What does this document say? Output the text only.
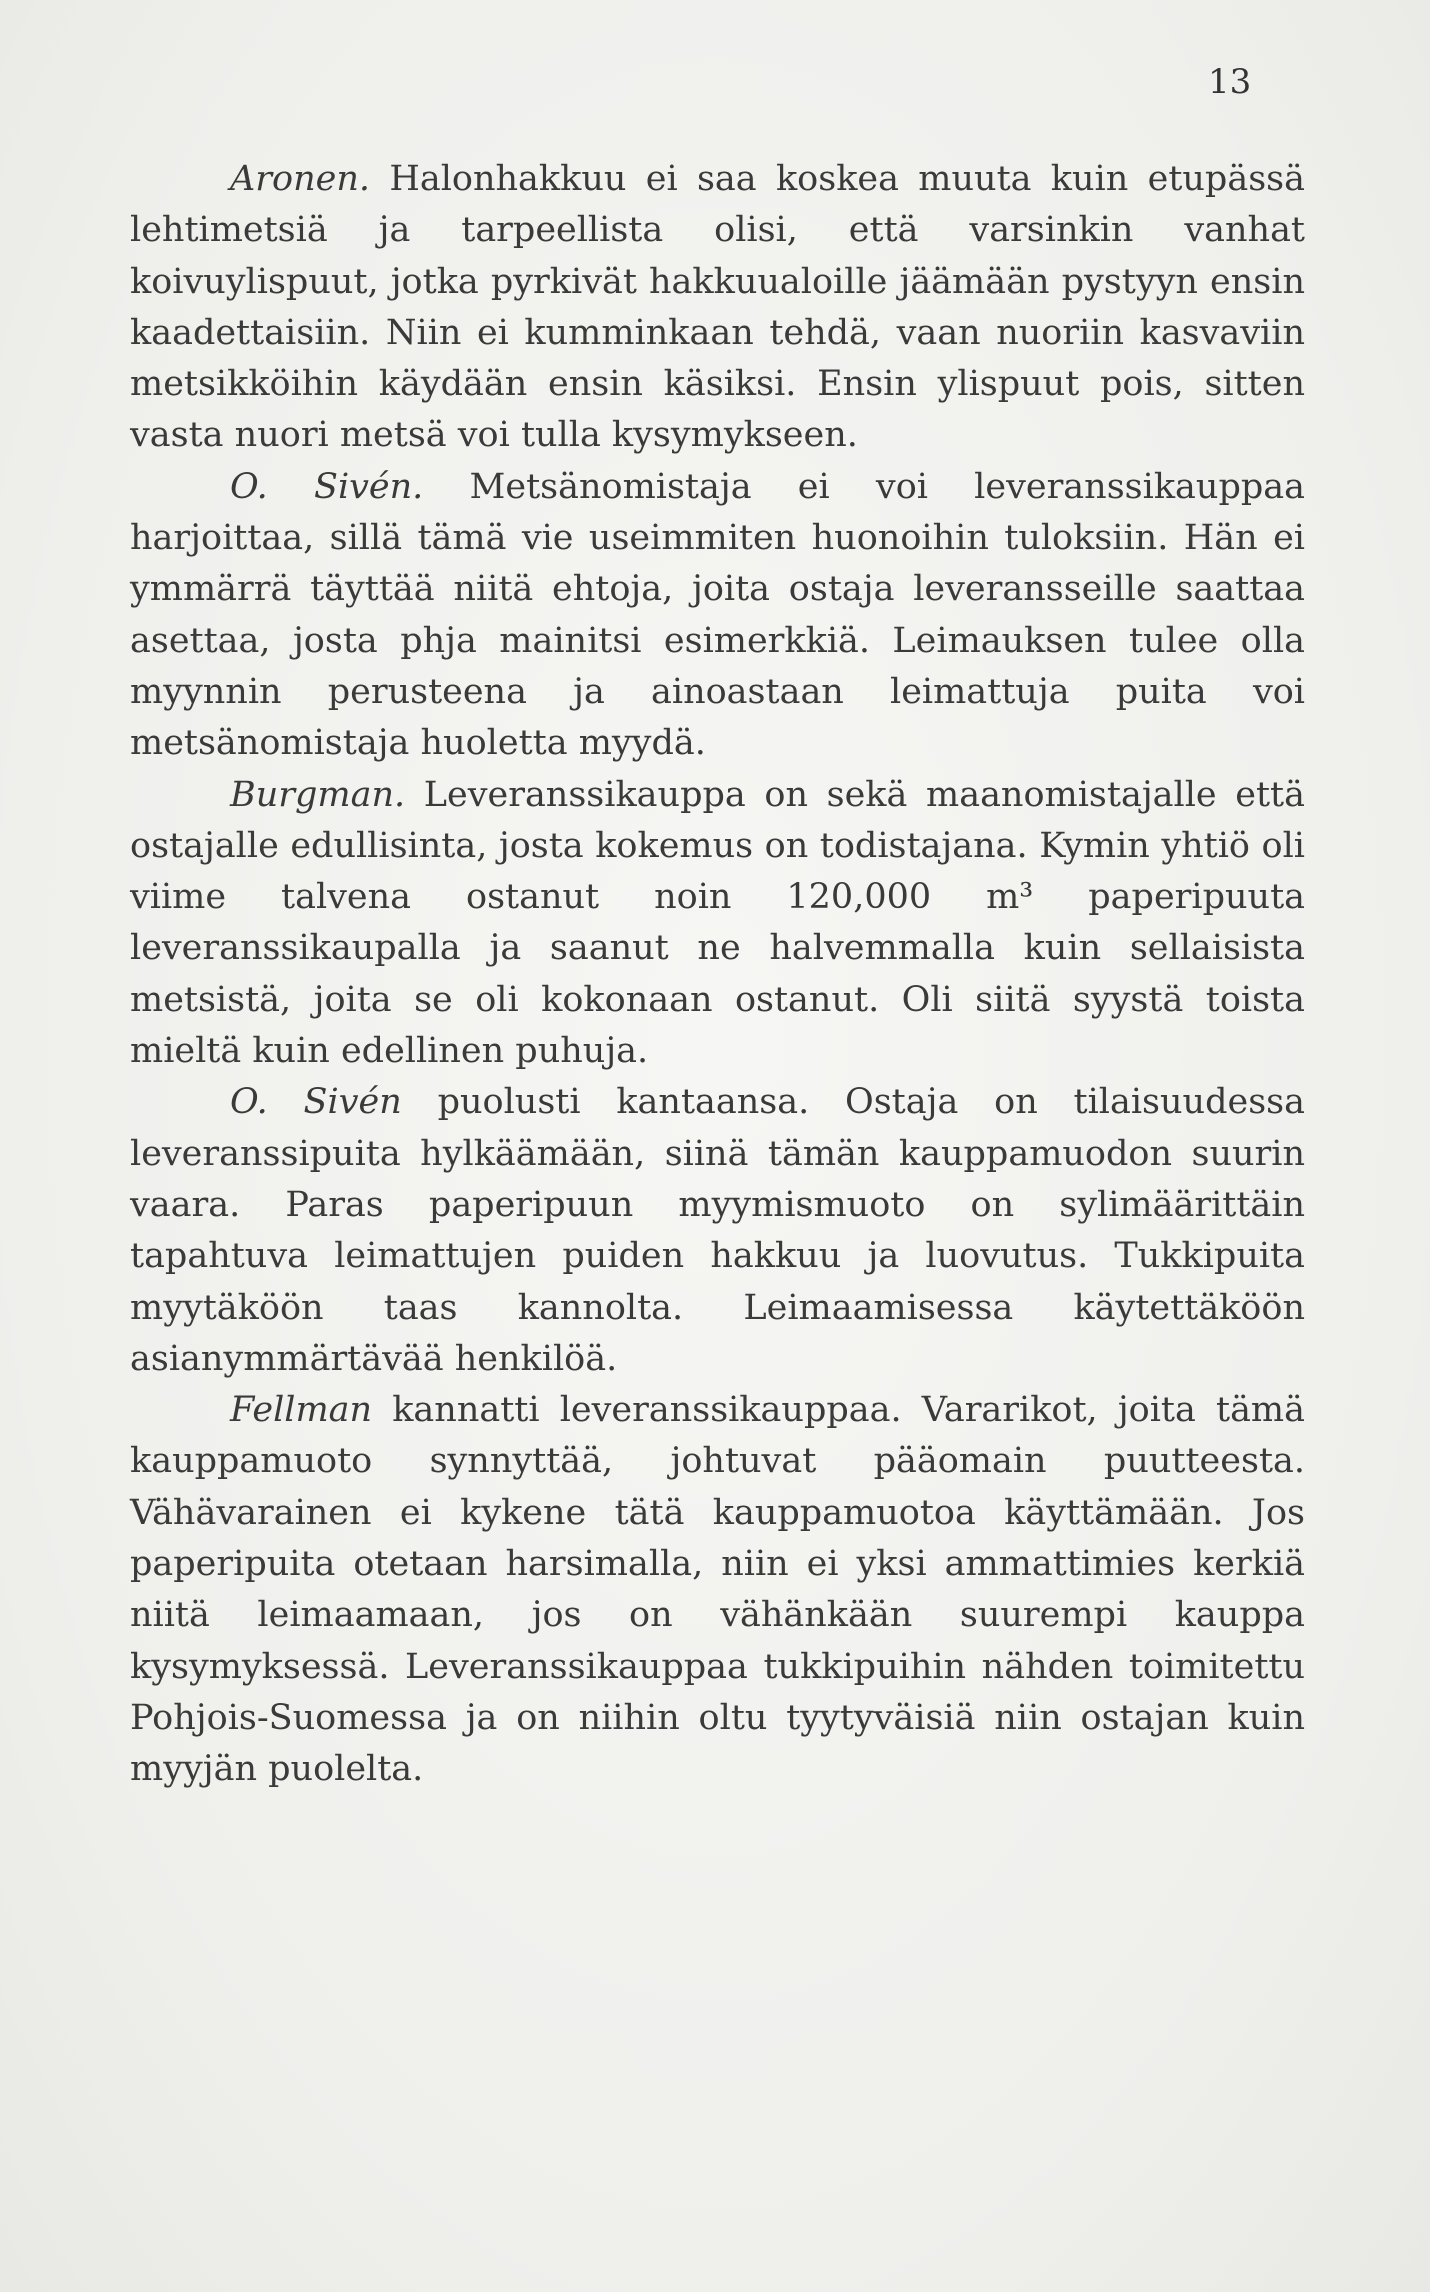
13

Aronen. Halonhakkuu ei saa koskea muuta kuin etupässä lehtimetsiä ja tarpeellista olisi, että varsinkin vanhat koivuylispuut, jotka pyrkivät hakkuualoille jäämään pystyyn ensin kaadettaisiin. Niin ei kumminkaan tehdä, vaan nuoriin kasvaviin metsikköihin käydään ensin käsiksi. Ensin ylispuut pois, sitten vasta nuori metsä voi tulla kysymykseen.

O. Sivén. Metsänomistaja ei voi leveranssikauppaa harjoittaa, sillä tämä vie useimmiten huonoihin tuloksiin. Hän ei ymmärrä täyttää niitä ehtoja, joita ostaja leveransseille saattaa asettaa, josta phja mainitsi esimerkkiä. Leimauksen tulee olla myynnin perusteena ja ainoastaan leimattuja puita voi metsänomistaja huoletta myydä.

Burgman. Leveranssikauppa on sekä maanomistajalle että ostajalle edullisinta, josta kokemus on todistajana. Kymin yhtiö oli viime talvena ostanut noin 120,000 m³ paperipuuta leveranssikaupalla ja saanut ne halvemmalla kuin sellaisista metsistä, joita se oli kokonaan ostanut. Oli siitä syystä toista mieltä kuin edellinen puhuja.

O. Sivén puolusti kantaansa. Ostaja on tilaisuudessa leveranssipuita hylkäämään, siinä tämän kauppamuodon suurin vaara. Paras paperipuun myymismuoto on sylimäärittäin tapahtuva leimattujen puiden hakkuu ja luovutus. Tukkipuita myytäköön taas kannolta. Leimaamisessa käytettäköön asianymmärtävää henkilöä.

Fellman kannatti leveranssikauppaa. Vararikot, joita tämä kauppamuoto synnyttää, johtuvat pääomain puutteesta. Vähävarainen ei kykene tätä kauppamuotoa käyttämään. Jos paperipuita otetaan harsimalla, niin ei yksi ammattimies kerkiä niitä leimaamaan, jos on vähänkään suurempi kauppa kysymyksessä. Leveranssikauppaa tukkipuihin nähden toimitettu Pohjois-Suomessa ja on niihin oltu tyytyväisiä niin ostajan kuin myyjän puolelta.
